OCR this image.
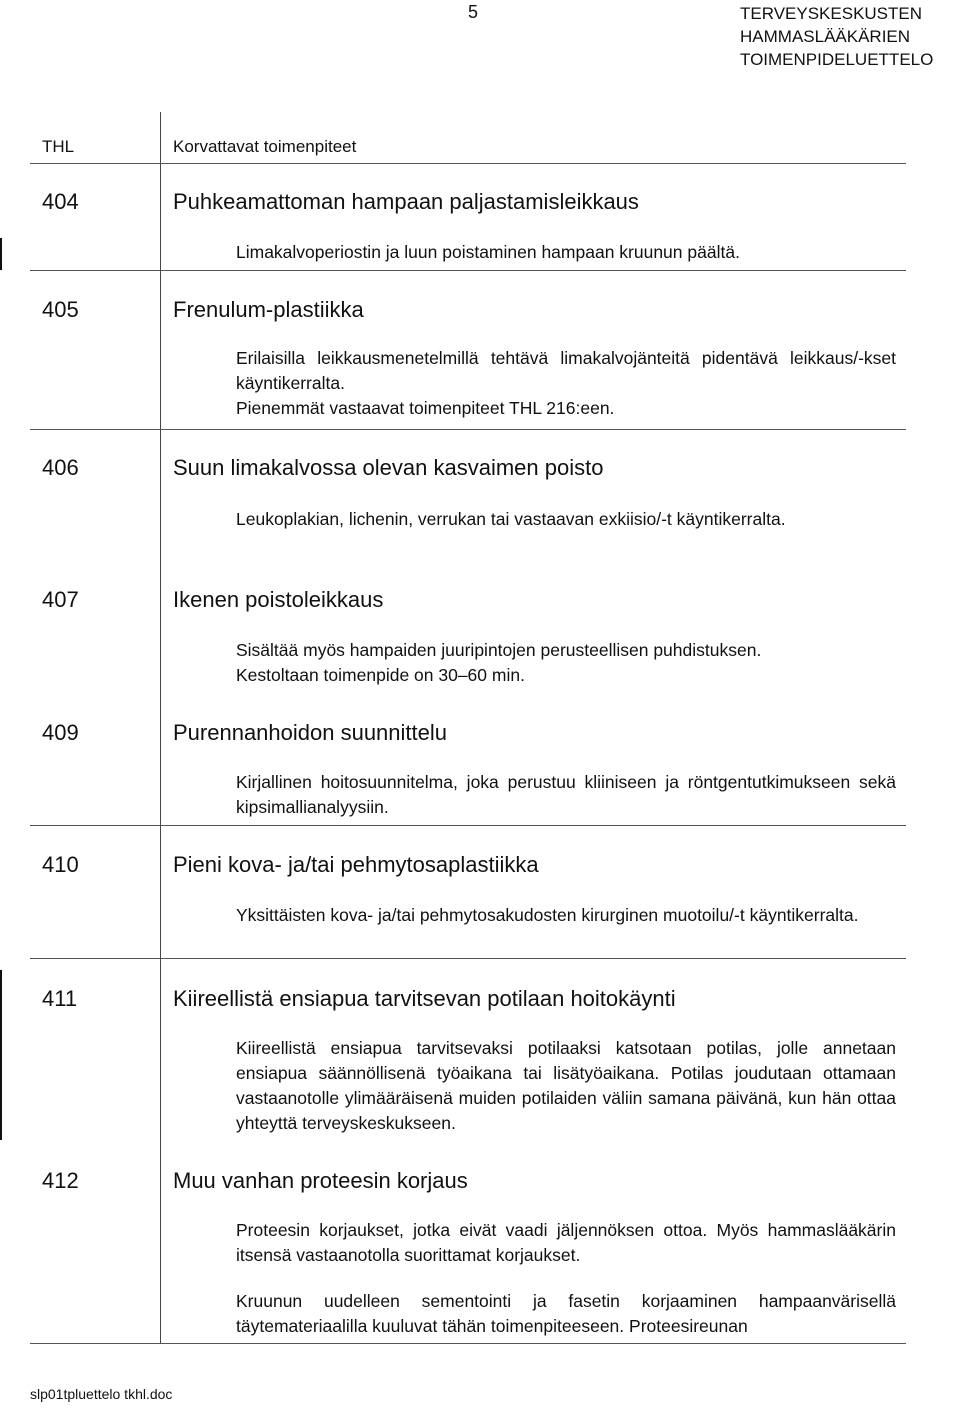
5	TERVEYSKESKUSTEN
HAMMASLÄÄKÄRIEN
TOIMENPIDELUETTELO
THL	Korvattavat toimenpiteet
404	Puhkeamattoman hampaan paljastamisleikkaus

Limakalvoperiostin ja luun poistaminen hampaan kruunun päältä.

405	Frenulum-plastiikka

Erilaisilla leikkausmenetelmillä tehtävä limakalvojänteitä pidentävä leikkaus/-kset käyntikerralta.

Pienemmät vastaavat toimenpiteet THL 216:een.

406	Suun limakalvossa olevan kasvaimen poisto

Leukoplakian, lichenin, verrukan tai vastaavan exkiisio/-t käyntikerralta.

407	Ikenen poistoleikkaus

Sisältää myös hampaiden juuripintojen perusteellisen puhdistuksen.

Kestoltaan toimenpide on 30–60 min.

409	Purennanhoidon suunnittelu

Kirjallinen hoitosuunnitelma, joka perustuu kliiniseen ja röntgentutkimukseen sekä kipsimallianalyysiin.

410	Pieni kova- ja/tai pehmytosaplastiikka

Yksittäisten kova- ja/tai pehmytosakudosten kirurginen muotoilu/-t käyntikerralta.

411	Kiireellistä ensiapua tarvitsevan potilaan hoitokäynti

Kiireellistä ensiapua tarvitsevaksi potilaaksi katsotaan potilas, jolle annetaan ensiapua säännöllisenä työaikana tai lisätyöaikana. Potilas joudutaan ottamaan vastaanotolle ylimääräisenä muiden potilaiden väliin samana päivänä, kun hän ottaa yhteyttä terveyskeskukseen.

412	Muu vanhan proteesin korjaus

Proteesin korjaukset, jotka eivät vaadi jäljennöksen ottoa. Myös hammaslääkärin itsensä vastaanotolla suorittamat korjaukset.

Kruunun uudelleen sementointi ja fasetin korjaaminen hampaanvärisellä täytemateriaalilla kuuluvat tähän toimenpiteeseen. Proteesireunan

slp01tpluettelo tkhl.doc
